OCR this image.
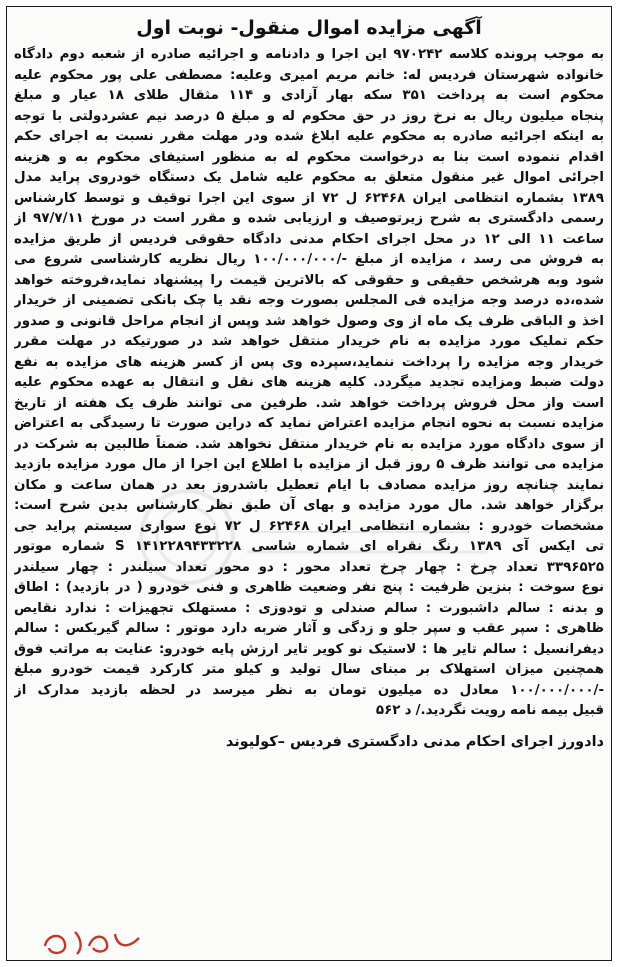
آگهی مزایده اموال منقول- نوبت اول
به موجب پرونده کلاسه ۹۷۰۲۴۲ این اجرا و دادنامه و اجرائیه صادره از شعبه دوم دادگاه
خانواده شهرستان فردیس له: خانم مریم امیری وعلیه: مصطفی علی پور محکوم علیه
محکوم است به پرداخت ۳۵۱ سکه بهار آزادی و ۱۱۴ مثقال طلای ۱۸ عیار و مبلغ
پنجاه میلیون ریال به نرخ روز در حق محکوم له و مبلغ ۵ درصد نیم عشردولتی با توجه
به اینکه اجرائیه صادره به محکوم علیه ابلاغ شده ودر مهلت مقرر نسبت به اجرای حکم
اقدام ننموده است بنا به درخواست محکوم له به منظور استیفای محکوم به و هزینه
اجرائی اموال غیر منقول متعلق به محکوم علیه شامل یک دستگاه خودروی پراید مدل
۱۳۸۹ بشماره انتظامی ایران ۶۲۴۶۸ ل ۷۲ از سوی این اجرا توقیف و توسط کارشناس
رسمی دادگستری به شرح زیرتوصیف و ارزیابی شده و مقرر است در مورخ ۹۷/۷/۱۱ از
ساعت ۱۱ الی ۱۲ در محل اجرای احکام مدنی دادگاه حقوقی فردیس از طریق مزایده
به فروش می رسد ، مزایده از مبلغ -/۱۰۰/۰۰۰/۰۰۰ ریال نظریه کارشناسی شروع می
شود وبه هرشخص حقیقی و حقوقی که بالاترین قیمت را پیشنهاد نماید،فروخته خواهد
شده،ده درصد وجه مزایده فی المجلس بصورت وجه نقد یا چک بانکی تضمینی از خریدار
اخذ و الباقی ظرف یک ماه از وی وصول خواهد شد وپس از انجام مراحل قانونی و صدور
حکم تملیک مورد مزایده به نام خریدار منتقل خواهد شد در صورتیکه در مهلت مقرر
خریدار وجه مزایده را پرداخت ننماید،سپرده وی پس از کسر هزینه های مزایده به نفع
دولت ضبط ومزایده تجدید میگردد. کلیه هزینه های نقل و انتقال به عهده محکوم علیه
است واز محل فروش پرداخت خواهد شد. طرفین می توانند ظرف یک هفته از تاریخ
مزایده نسبت به نحوه انجام مزایده اعتراض نماید که دراین صورت تا رسیدگی به اعتراض
از سوی دادگاه مورد مزایده به نام خریدار منتقل نخواهد شد. ضمناً طالبین به شرکت در
مزایده می توانند ظرف ۵ روز قبل از مزایده با اطلاع این اجرا از مال مورد مزایده بازدید
نمایند چنانچه روز مزایده مصادف با ایام تعطیل باشدروز بعد در همان ساعت و مکان
برگزار خواهد شد. مال مورد مزایده و بهای آن طبق نظر کارشناس بدین شرح است:
مشخصات خودرو : بشماره انتظامی ایران ۶۲۴۶۸ ل ۷۲ نوع سواری سیستم پراید جی
تی ایکس آی ۱۳۸۹ رنگ نقراه ای شماره شاسی S ۱۴۱۲۲۸۹۴۳۳۲۲۸ شماره موتور
۳۳۹۶۵۲۵ تعداد چرخ : چهار چرخ تعداد محور : دو محور تعداد سیلندر : چهار سیلندر
نوع سوخت : بنزین ظرفیت : پنج نفر وضعیت ظاهری و فنی خودرو ( در بازدید) : اطاق
و بدنه : سالم داشبورت : سالم صندلی و تودوزی : مستهلک تجهیزات : ندارد نقایص
ظاهری : سپر عقب و سپر جلو و زدگی و آثار ضربه دارد موتور : سالم گیربکس : سالم
دیفرانسیل : سالم تایر ها : لاستیک نو کویر تایر ارزش پایه خودرو: عنایت به مراتب فوق
همچنین میزان استهلاک بر مبنای سال تولید و کیلو متر کارکرد قیمت خودرو مبلغ
-/۱۰۰/۰۰۰/۰۰۰ معادل ده میلیون تومان به نظر میرسد در لحظه بازدید مدارک از
قبیل بیمه نامه رویت نگردید./ د ۵۶۲
دادورز اجرای احکام مدنی دادگستری فردیس –کولیوند
